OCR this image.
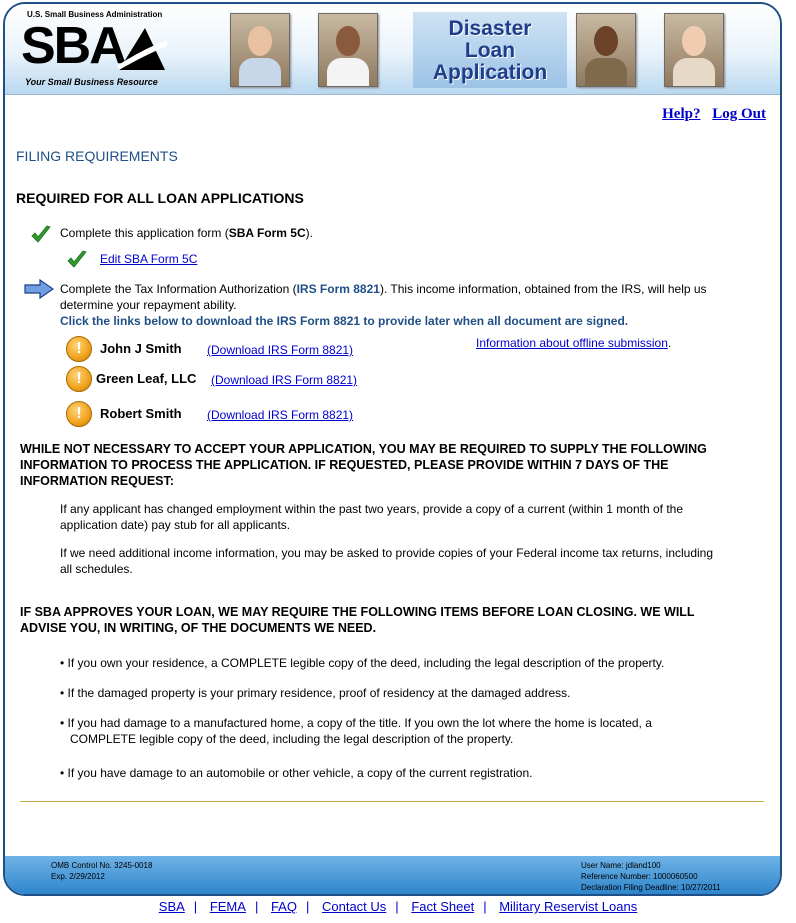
U.S. Small Business Administration
SBA
Your Small Business Resource
Disaster
Loan
Application
OMB Control No. 3245-0018
Exp. 2/29/2012
User Name: jdland100
Reference Number: 1000060500
Declaration Filing Deadline: 10/27/2011
Help? Log Out
FILING REQUIREMENTS
REQUIRED FOR ALL LOAN APPLICATIONS
Complete this application form (SBA Form 5C).
Edit SBA Form 5C
Complete the Tax Information Authorization (IRS Form 8821). This income information, obtained from the IRS, will help us
determine your repayment ability.
Click the links below to download the IRS Form 8821 to provide later when all document are signed.
Information about offline submission.
!	John J Smith (Download IRS Form 8821)
!	Green Leaf, LLC (Download IRS Form 8821)
!	Robert Smith (Download IRS Form 8821)
WHILE NOT NECESSARY TO ACCEPT YOUR APPLICATION, YOU MAY BE REQUIRED TO SUPPLY THE FOLLOWING
INFORMATION TO PROCESS THE APPLICATION. IF REQUESTED, PLEASE PROVIDE WITHIN 7 DAYS OF THE
INFORMATION REQUEST:
If any applicant has changed employment within the past two years, provide a copy of a current (within 1 month of the
application date) pay stub for all applicants.
If we need additional income information, you may be asked to provide copies of your Federal income tax returns, including
all schedules.
IF SBA APPROVES YOUR LOAN, WE MAY REQUIRE THE FOLLOWING ITEMS BEFORE LOAN CLOSING. WE WILL
ADVISE YOU, IN WRITING, OF THE DOCUMENTS WE NEED.
• If you own your residence, a COMPLETE legible copy of the deed, including the legal description of the property.
• If the damaged property is your primary residence, proof of residency at the damaged address.
• If you had damage to a manufactured home, a copy of the title. If you own the lot where the home is located, a
COMPLETE legible copy of the deed, including the legal description of the property.
• If you have damage to an automobile or other vehicle, a copy of the current registration.
SBA | FEMA | FAQ | Contact Us | Fact Sheet | Military Reservist Loans
